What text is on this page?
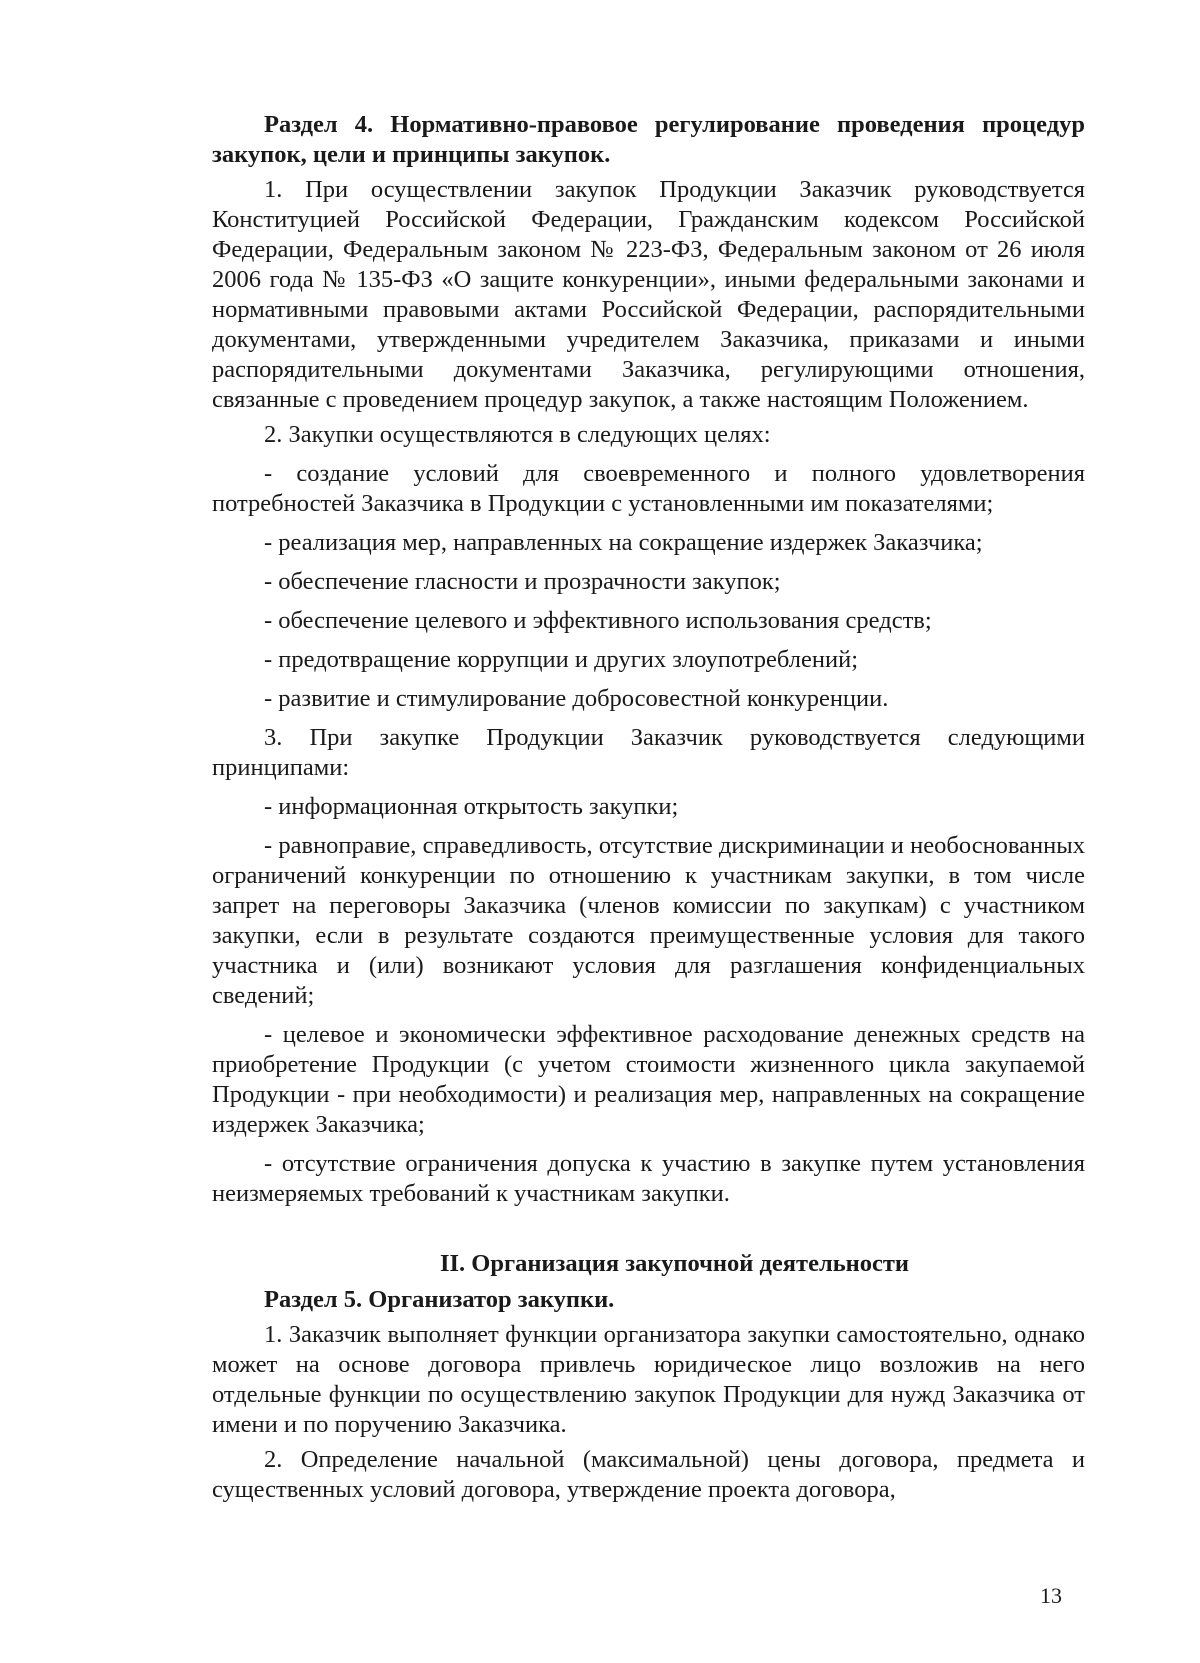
Раздел 4. Нормативно-правовое регулирование проведения процедур закупок, цели и принципы закупок.

1. При осуществлении закупок Продукции Заказчик руководствуется Конституцией Российской Федерации, Гражданским кодексом Российской Федерации, Федеральным законом № 223-ФЗ, Федеральным законом от 26 июля 2006 года № 135-ФЗ «О защите конкуренции», иными федеральными законами и нормативными правовыми актами Российской Федерации, распорядительными документами, утвержденными учредителем Заказчика, приказами и иными распорядительными документами Заказчика, регулирующими отношения, связанные с проведением процедур закупок, а также настоящим Положением.

2. Закупки осуществляются в следующих целях:

- создание условий для своевременного и полного удовлетворения потребностей Заказчика в Продукции с установленными им показателями;

- реализация мер, направленных на сокращение издержек Заказчика;

- обеспечение гласности и прозрачности закупок;

- обеспечение целевого и эффективного использования средств;

- предотвращение коррупции и других злоупотреблений;

- развитие и стимулирование добросовестной конкуренции.

3. При закупке Продукции Заказчик руководствуется следующими принципами:

- информационная открытость закупки;

- равноправие, справедливость, отсутствие дискриминации и необоснованных ограничений конкуренции по отношению к участникам закупки, в том числе запрет на переговоры Заказчика (членов комиссии по закупкам) с участником закупки, если в результате создаются преимущественные условия для такого участника и (или) возникают условия для разглашения конфиденциальных сведений;

- целевое и экономически эффективное расходование денежных средств на приобретение Продукции (с учетом стоимости жизненного цикла закупаемой Продукции - при необходимости) и реализация мер, направленных на сокращение издержек Заказчика;

- отсутствие ограничения допуска к участию в закупке путем установления неизмеряемых требований к участникам закупки.

II. Организация закупочной деятельности

Раздел 5. Организатор закупки.

1. Заказчик выполняет функции организатора закупки самостоятельно, однако может на основе договора привлечь юридическое лицо возложив на него отдельные функции по осуществлению закупок Продукции для нужд Заказчика от имени и по поручению Заказчика.

2. Определение начальной (максимальной) цены договора, предмета и существенных условий договора, утверждение проекта договора,

13
